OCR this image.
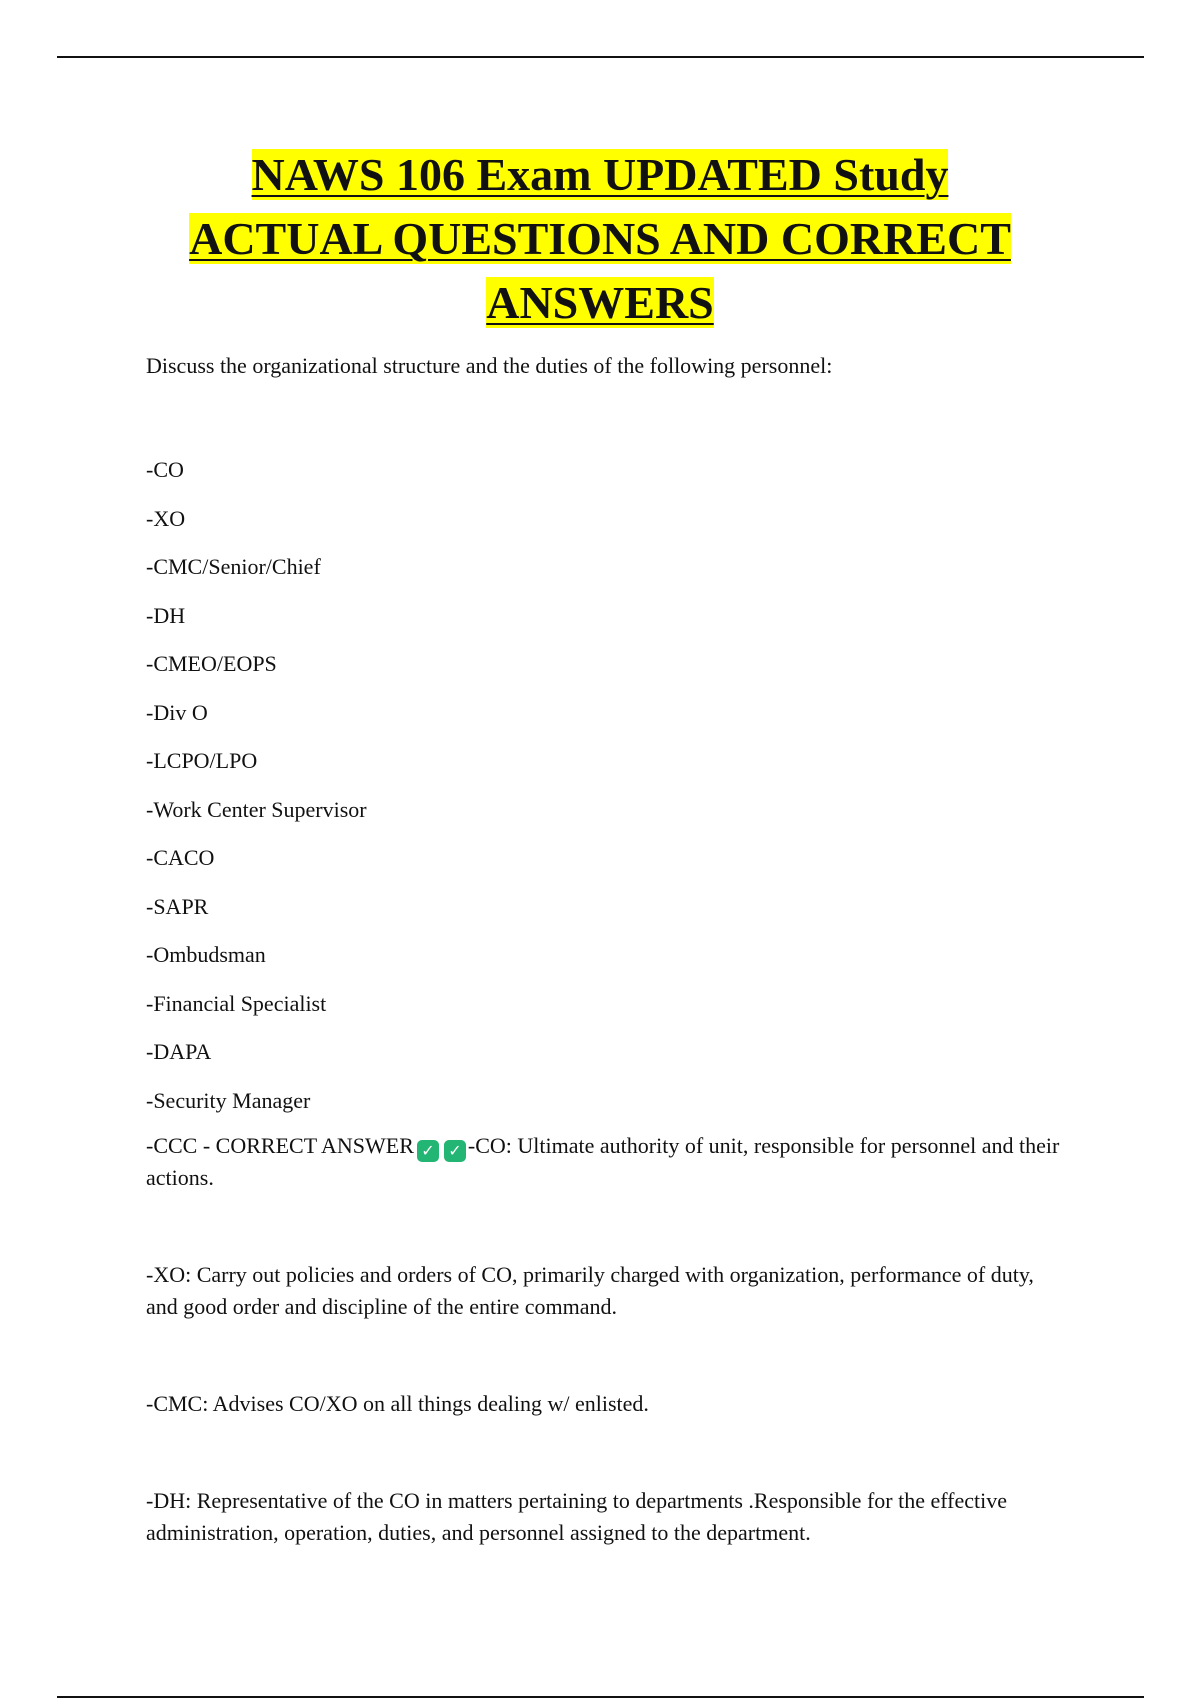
NAWS 106 Exam UPDATED Study
ACTUAL QUESTIONS AND CORRECT
ANSWERS

Discuss the organizational structure and the duties of the following personnel:

-CO
-XO
-CMC/Senior/Chief
-DH
-CMEO/EOPS
-Div O
-LCPO/LPO
-Work Center Supervisor
-CACO
-SAPR
-Ombudsman
-Financial Specialist
-DAPA
-Security Manager

-CCC - CORRECT ANSWER ✓ ✓ -CO: Ultimate authority of unit, responsible for personnel and their actions.

-XO: Carry out policies and orders of CO, primarily charged with organization, performance of duty, and good order and discipline of the entire command.

-CMC: Advises CO/XO on all things dealing w/ enlisted.

-DH: Representative of the CO in matters pertaining to departments .Responsible for the effective administration, operation, duties, and personnel assigned to the department.
